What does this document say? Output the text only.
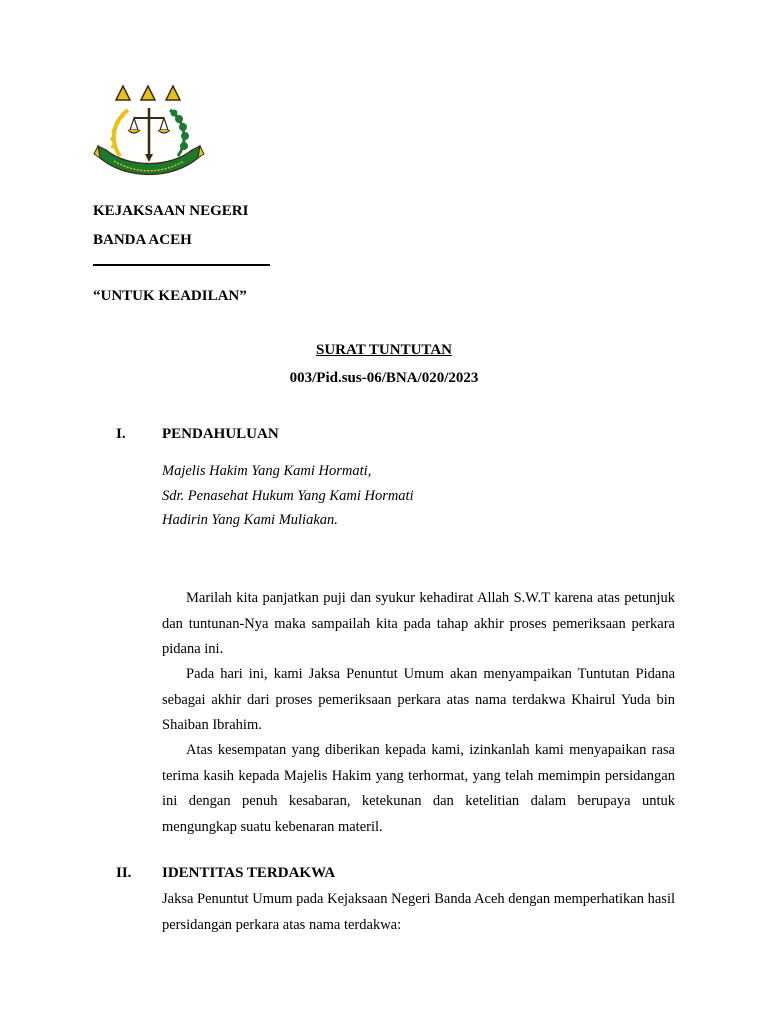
KEJAKSAAN NEGERI
BANDA ACEH
“UNTUK KEADILAN”
SURAT TUNTUTAN
003/Pid.sus-06/BNA/020/2023
I. PENDAHULUAN
Majelis Hakim Yang Kami Hormati,
Sdr. Penasehat Hukum Yang Kami Hormati
Hadirin Yang Kami Muliakan.
Marilah kita panjatkan puji dan syukur kehadirat Allah S.W.T karena atas petunjuk dan tuntunan-Nya maka sampailah kita pada tahap akhir proses pemeriksaan perkara pidana ini.
Pada hari ini, kami Jaksa Penuntut Umum akan menyampaikan Tuntutan Pidana sebagai akhir dari proses pemeriksaan perkara atas nama terdakwa Khairul Yuda bin Shaiban Ibrahim.
Atas kesempatan yang diberikan kepada kami, izinkanlah kami menyapaikan rasa terima kasih kepada Majelis Hakim yang terhormat, yang telah memimpin persidangan ini dengan penuh kesabaran, ketekunan dan ketelitian dalam berupaya untuk mengungkap suatu kebenaran materil.
II. IDENTITAS TERDAKWA
Jaksa Penuntut Umum pada Kejaksaan Negeri Banda Aceh dengan memperhatikan hasil persidangan perkara atas nama terdakwa:
